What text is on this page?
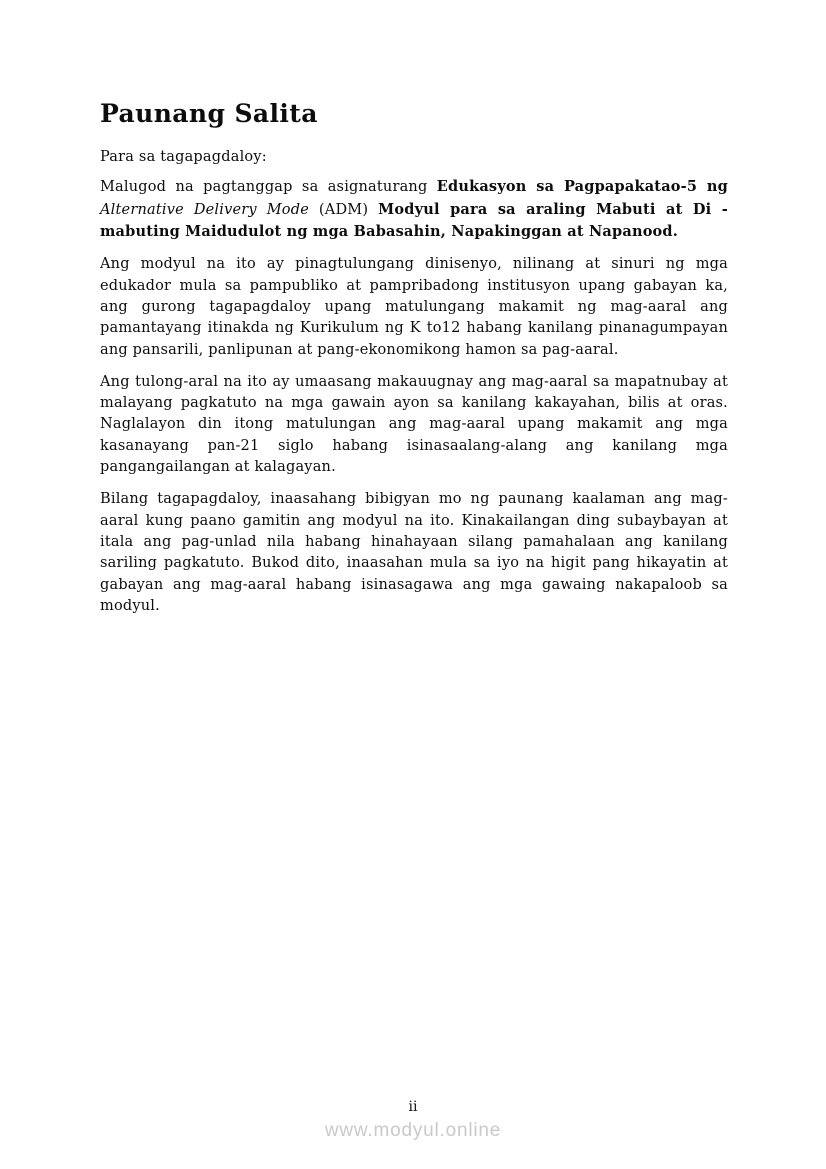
Paunang Salita

Para sa tagapagdaloy:

Malugod na pagtanggap sa asignaturang Edukasyon sa Pagpapakatao-5 ng Alternative Delivery Mode (ADM) Modyul para sa araling Mabuti at Di -mabuting Maidudulot ng mga Babasahin, Napakinggan at Napanood.

Ang modyul na ito ay pinagtulungang dinisenyo, nilinang at sinuri ng mga edukador mula sa pampubliko at pampribadong institusyon upang gabayan ka, ang gurong tagapagdaloy upang matulungang makamit ng mag-aaral ang pamantayang itinakda ng Kurikulum ng K to12 habang kanilang pinanagumpayan ang pansarili, panlipunan at pang-ekonomikong hamon sa pag-aaral.

Ang tulong-aral na ito ay umaasang makauugnay ang mag-aaral sa mapatnubay at malayang pagkatuto na mga gawain ayon sa kanilang kakayahan, bilis at oras. Naglalayon din itong matulungan ang mag-aaral upang makamit ang mga kasanayang pan-21 siglo habang isinasaalang-alang ang kanilang mga pangangailangan at kalagayan.

Bilang tagapagdaloy, inaasahang bibigyan mo ng paunang kaalaman ang mag-aaral kung paano gamitin ang modyul na ito. Kinakailangan ding subaybayan at itala ang pag-unlad nila habang hinahayaan silang pamahalaan ang kanilang sariling pagkatuto. Bukod dito, inaasahan mula sa iyo na higit pang hikayatin at gabayan ang mag-aaral habang isinasagawa ang mga gawaing nakapaloob sa modyul.

ii
www.modyul.online
